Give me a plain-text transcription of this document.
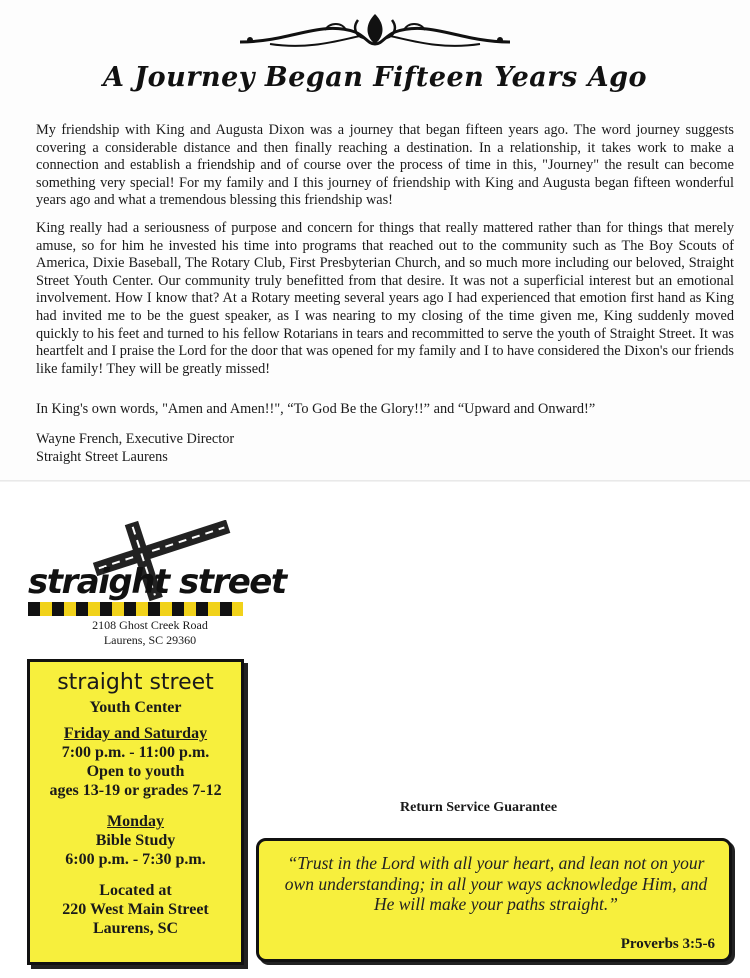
A Journey Began Fifteen Years Ago

My friendship with King and Augusta Dixon was a journey that began fifteen years ago. The word journey suggests covering a considerable distance and then finally reaching a destination. In a relationship, it takes work to make a connection and establish a friendship and of course over the process of time in this, "Journey" the result can become something very special! For my family and I this journey of friendship with King and Augusta began fifteen wonderful years ago and what a tremendous blessing this friendship was!

King really had a seriousness of purpose and concern for things that really mattered rather than for things that merely amuse, so for him he invested his time into programs that reached out to the community such as The Boy Scouts of America, Dixie Baseball, The Rotary Club, First Presbyterian Church, and so much more including our beloved, Straight Street Youth Center. Our community truly benefitted from that desire. It was not a superficial interest but an emotional involvement. How I know that? At a Rotary meeting several years ago I had experienced that emotion first hand as King had invited me to be the guest speaker, as I was nearing to my closing of the time given me, King suddenly moved quickly to his feet and turned to his fellow Rotarians in tears and recommitted to serve the youth of Straight Street. It was heartfelt and I praise the Lord for the door that was opened for my family and I to have considered the Dixon's our friends like family! They will be greatly missed!

In King's own words, "Amen and Amen!!", “To God Be the Glory!!” and “Upward and Onward!”

Wayne French, Executive Director
Straight Street Laurens
straight street
2108 Ghost Creek Road
Laurens, SC 29360
straight street
Youth Center
Friday and Saturday
7:00 p.m. - 11:00 p.m.
Open to youth
ages 13-19 or grades 7-12
Monday
Bible Study
6:00 p.m. - 7:30 p.m.
Located at
220 West Main Street
Laurens, SC
Return Service Guarantee
“Trust in the Lord with all your heart, and lean not on your own understanding; in all your ways acknowledge Him, and He will make your paths straight.”
Proverbs 3:5-6
